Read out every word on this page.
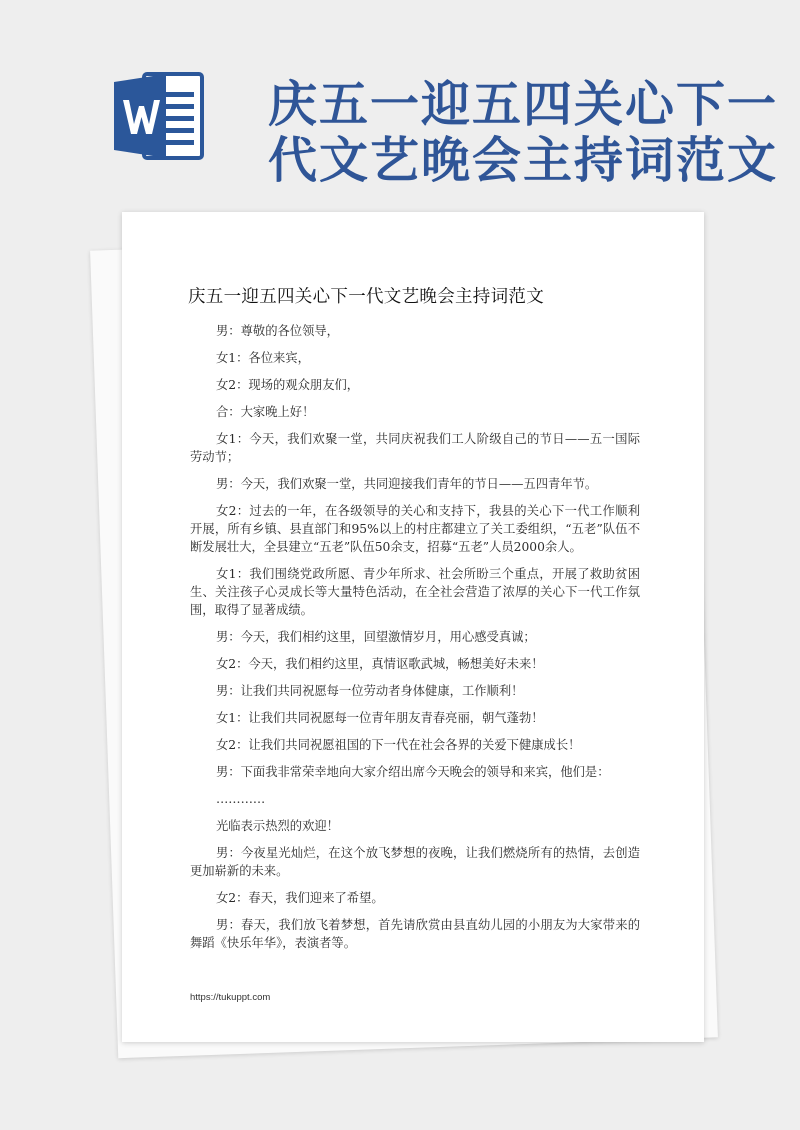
庆五一迎五四关心下一
代文艺晚会主持词范文
庆五一迎五四关心下一代文艺晚会主持词范文

男：尊敬的各位领导，

女1：各位来宾，

女2：现场的观众朋友们，

合：大家晚上好！

女1：今天，我们欢聚一堂，共同庆祝我们工人阶级自己的节日——五一国际劳动节；

男：今天，我们欢聚一堂，共同迎接我们青年的节日——五四青年节。

女2：过去的一年，在各级领导的关心和支持下，我县的关心下一代工作顺利开展，所有乡镇、县直部门和95%以上的村庄都建立了关工委组织，“五老”队伍不断发展壮大，全县建立“五老”队伍50余支，招募“五老”人员2000余人。

女1：我们围绕党政所愿、青少年所求、社会所盼三个重点，开展了救助贫困生、关注孩子心灵成长等大量特色活动，在全社会营造了浓厚的关心下一代工作氛围，取得了显著成绩。

男：今天，我们相约这里，回望激情岁月，用心感受真诚；

女2：今天，我们相约这里，真情讴歌武城，畅想美好未来！

男：让我们共同祝愿每一位劳动者身体健康，工作顺利！

女1：让我们共同祝愿每一位青年朋友青春亮丽，朝气蓬勃！

女2：让我们共同祝愿祖国的下一代在社会各界的关爱下健康成长！

男：下面我非常荣幸地向大家介绍出席今天晚会的领导和来宾，他们是：

…………

光临表示热烈的欢迎！

男：今夜星光灿烂，在这个放飞梦想的夜晚，让我们燃烧所有的热情，去创造更加崭新的未来。

女2：春天，我们迎来了希望。

男：春天，我们放飞着梦想，首先请欣赏由县直幼儿园的小朋友为大家带来的舞蹈《快乐年华》，表演者等。

https://tukuppt.com
